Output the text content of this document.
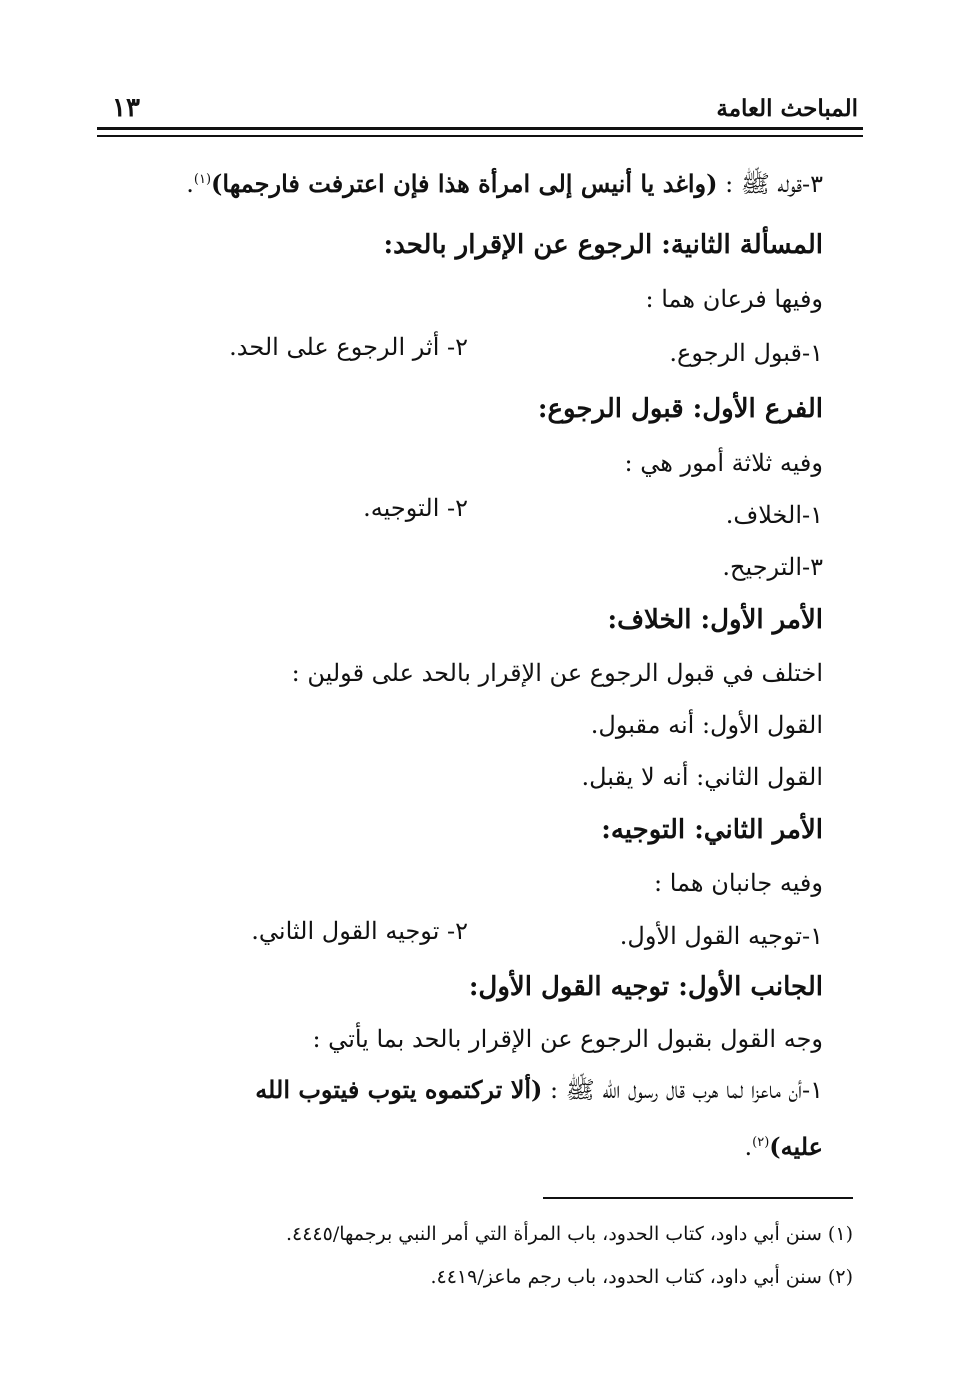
المباحث العامة
١٣
٣-قوله ﷺ : (واغد يا أنيس إلى امرأة هذا فإن اعترفت فارجمها)$^{(١)}$.
المسألة الثانية: الرجوع عن الإقرار بالحد:
وفيها فرعان هما :
١-قبول الرجوع.
٢- أثر الرجوع على الحد.
الفرع الأول: قبول الرجوع:
وفيه ثلاثة أمور هي :
١-الخلاف.
٢- التوجيه.
٣-الترجيح.
الأمر الأول: الخلاف:
اختلف في قبول الرجوع عن الإقرار بالحد على قولين :
القول الأول: أنه مقبول.
القول الثاني: أنه لا يقبل.
الأمر الثاني: التوجيه:
وفيه جانبان هما :
١-توجيه القول الأول.
٢- توجيه القول الثاني.
الجانب الأول: توجيه القول الأول:
وجه القول بقبول الرجوع عن الإقرار بالحد بما يأتي :
١-أن ماعزا لما هرب قال رسول الله ﷺ : (ألا تركتموه يتوب فيتوب الله
عليه)$^{(٢)}$.
(١) سنن أبي داود، كتاب الحدود، باب المرأة التي أمر النبي برجمها/٤٤٤٥.
(٢) سنن أبي داود، كتاب الحدود، باب رجم ماعز/٤٤١٩.
